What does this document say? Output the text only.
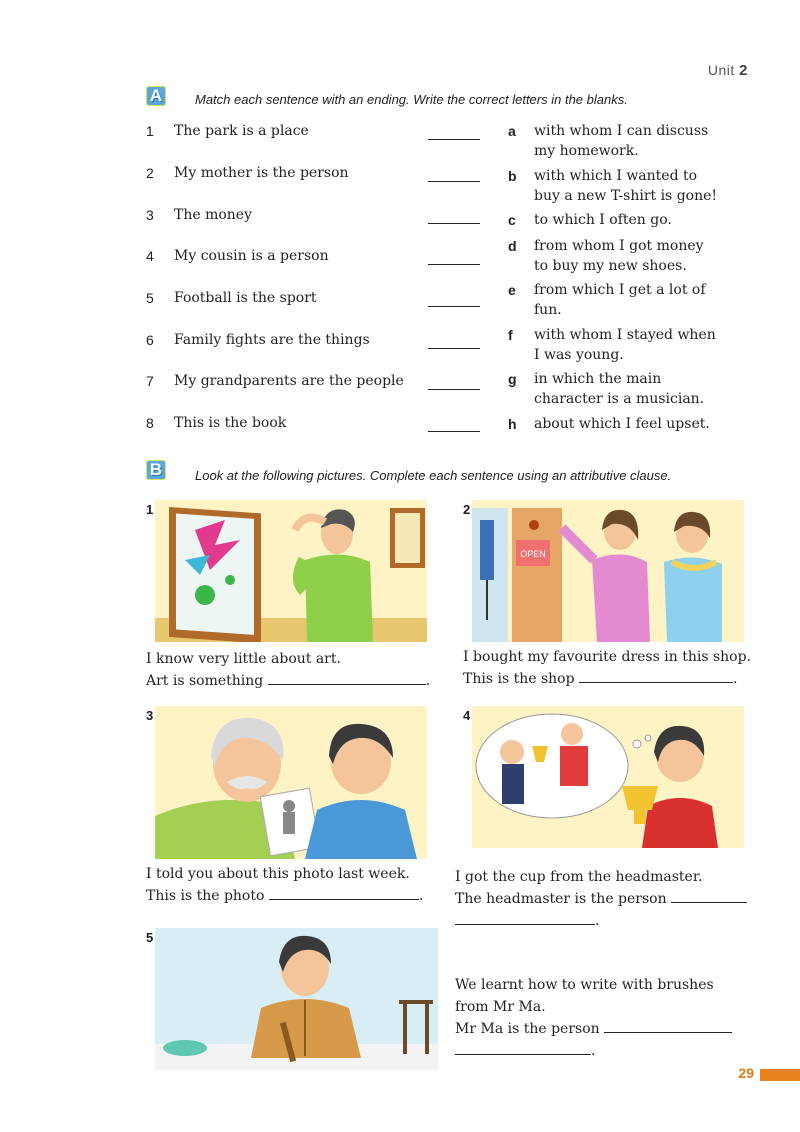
Unit 2
A	Match each sentence with an ending. Write the correct letters in the blanks.
1 The park is a place
2 My mother is the person
3 The money
4 My cousin is a person
5 Football is the sport
6 Family fights are the things
7 My grandparents are the people
8 This is the book
a with whom I can discuss
my homework.
b with which I wanted to
buy a new T-shirt is gone!
c to which I often go.
d from whom I got money
to buy my new shoes.
e from which I get a lot of
fun.
f with whom I stayed when
I was young.
g in which the main
character is a musician.
h about which I feel upset.
B	Look at the following pictures. Complete each sentence using an attributive clause.
1
I know very little about art.
Art is something	.
2
OPEN
I bought my favourite dress in this shop.
This is the shop	.
3
I told you about this photo last week.
This is the photo	.
4
I got the cup from the headmaster.
The headmaster is the person
.
5
We learnt how to write with brushes
from Mr Ma.
Mr Ma is the person
.
29
